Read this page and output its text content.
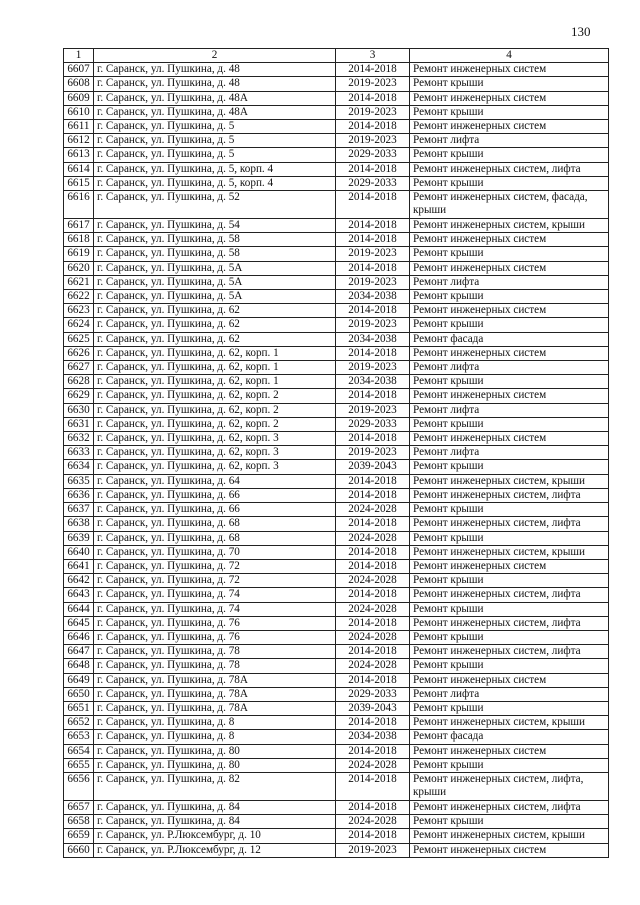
130
1	2	3	4
6607	г. Саранск, ул. Пушкина, д. 48	2014-2018	Ремонт инженерных систем
6608	г. Саранск, ул. Пушкина, д. 48	2019-2023	Ремонт крыши
6609	г. Саранск, ул. Пушкина, д. 48А	2014-2018	Ремонт инженерных систем
6610	г. Саранск, ул. Пушкина, д. 48А	2019-2023	Ремонт крыши
6611	г. Саранск, ул. Пушкина, д. 5	2014-2018	Ремонт инженерных систем
6612	г. Саранск, ул. Пушкина, д. 5	2019-2023	Ремонт лифта
6613	г. Саранск, ул. Пушкина, д. 5	2029-2033	Ремонт крыши
6614	г. Саранск, ул. Пушкина, д. 5, корп. 4	2014-2018	Ремонт инженерных систем, лифта
6615	г. Саранск, ул. Пушкина, д. 5, корп. 4	2029-2033	Ремонт крыши
6616	г. Саранск, ул. Пушкина, д. 52	2014-2018	Ремонт инженерных систем, фасада, крыши
6617	г. Саранск, ул. Пушкина, д. 54	2014-2018	Ремонт инженерных систем, крыши
6618	г. Саранск, ул. Пушкина, д. 58	2014-2018	Ремонт инженерных систем
6619	г. Саранск, ул. Пушкина, д. 58	2019-2023	Ремонт крыши
6620	г. Саранск, ул. Пушкина, д. 5А	2014-2018	Ремонт инженерных систем
6621	г. Саранск, ул. Пушкина, д. 5А	2019-2023	Ремонт лифта
6622	г. Саранск, ул. Пушкина, д. 5А	2034-2038	Ремонт крыши
6623	г. Саранск, ул. Пушкина, д. 62	2014-2018	Ремонт инженерных систем
6624	г. Саранск, ул. Пушкина, д. 62	2019-2023	Ремонт крыши
6625	г. Саранск, ул. Пушкина, д. 62	2034-2038	Ремонт фасада
6626	г. Саранск, ул. Пушкина, д. 62, корп. 1	2014-2018	Ремонт инженерных систем
6627	г. Саранск, ул. Пушкина, д. 62, корп. 1	2019-2023	Ремонт лифта
6628	г. Саранск, ул. Пушкина, д. 62, корп. 1	2034-2038	Ремонт крыши
6629	г. Саранск, ул. Пушкина, д. 62, корп. 2	2014-2018	Ремонт инженерных систем
6630	г. Саранск, ул. Пушкина, д. 62, корп. 2	2019-2023	Ремонт лифта
6631	г. Саранск, ул. Пушкина, д. 62, корп. 2	2029-2033	Ремонт крыши
6632	г. Саранск, ул. Пушкина, д. 62, корп. 3	2014-2018	Ремонт инженерных систем
6633	г. Саранск, ул. Пушкина, д. 62, корп. 3	2019-2023	Ремонт лифта
6634	г. Саранск, ул. Пушкина, д. 62, корп. 3	2039-2043	Ремонт крыши
6635	г. Саранск, ул. Пушкина, д. 64	2014-2018	Ремонт инженерных систем, крыши
6636	г. Саранск, ул. Пушкина, д. 66	2014-2018	Ремонт инженерных систем, лифта
6637	г. Саранск, ул. Пушкина, д. 66	2024-2028	Ремонт крыши
6638	г. Саранск, ул. Пушкина, д. 68	2014-2018	Ремонт инженерных систем, лифта
6639	г. Саранск, ул. Пушкина, д. 68	2024-2028	Ремонт крыши
6640	г. Саранск, ул. Пушкина, д. 70	2014-2018	Ремонт инженерных систем, крыши
6641	г. Саранск, ул. Пушкина, д. 72	2014-2018	Ремонт инженерных систем
6642	г. Саранск, ул. Пушкина, д. 72	2024-2028	Ремонт крыши
6643	г. Саранск, ул. Пушкина, д. 74	2014-2018	Ремонт инженерных систем, лифта
6644	г. Саранск, ул. Пушкина, д. 74	2024-2028	Ремонт крыши
6645	г. Саранск, ул. Пушкина, д. 76	2014-2018	Ремонт инженерных систем, лифта
6646	г. Саранск, ул. Пушкина, д. 76	2024-2028	Ремонт крыши
6647	г. Саранск, ул. Пушкина, д. 78	2014-2018	Ремонт инженерных систем, лифта
6648	г. Саранск, ул. Пушкина, д. 78	2024-2028	Ремонт крыши
6649	г. Саранск, ул. Пушкина, д. 78А	2014-2018	Ремонт инженерных систем
6650	г. Саранск, ул. Пушкина, д. 78А	2029-2033	Ремонт лифта
6651	г. Саранск, ул. Пушкина, д. 78А	2039-2043	Ремонт крыши
6652	г. Саранск, ул. Пушкина, д. 8	2014-2018	Ремонт инженерных систем, крыши
6653	г. Саранск, ул. Пушкина, д. 8	2034-2038	Ремонт фасада
6654	г. Саранск, ул. Пушкина, д. 80	2014-2018	Ремонт инженерных систем
6655	г. Саранск, ул. Пушкина, д. 80	2024-2028	Ремонт крыши
6656	г. Саранск, ул. Пушкина, д. 82	2014-2018	Ремонт инженерных систем, лифта, крыши
6657	г. Саранск, ул. Пушкина, д. 84	2014-2018	Ремонт инженерных систем, лифта
6658	г. Саранск, ул. Пушкина, д. 84	2024-2028	Ремонт крыши
6659	г. Саранск, ул. Р.Люксембург, д. 10	2014-2018	Ремонт инженерных систем, крыши
6660	г. Саранск, ул. Р.Люксембург, д. 12	2019-2023	Ремонт инженерных систем
